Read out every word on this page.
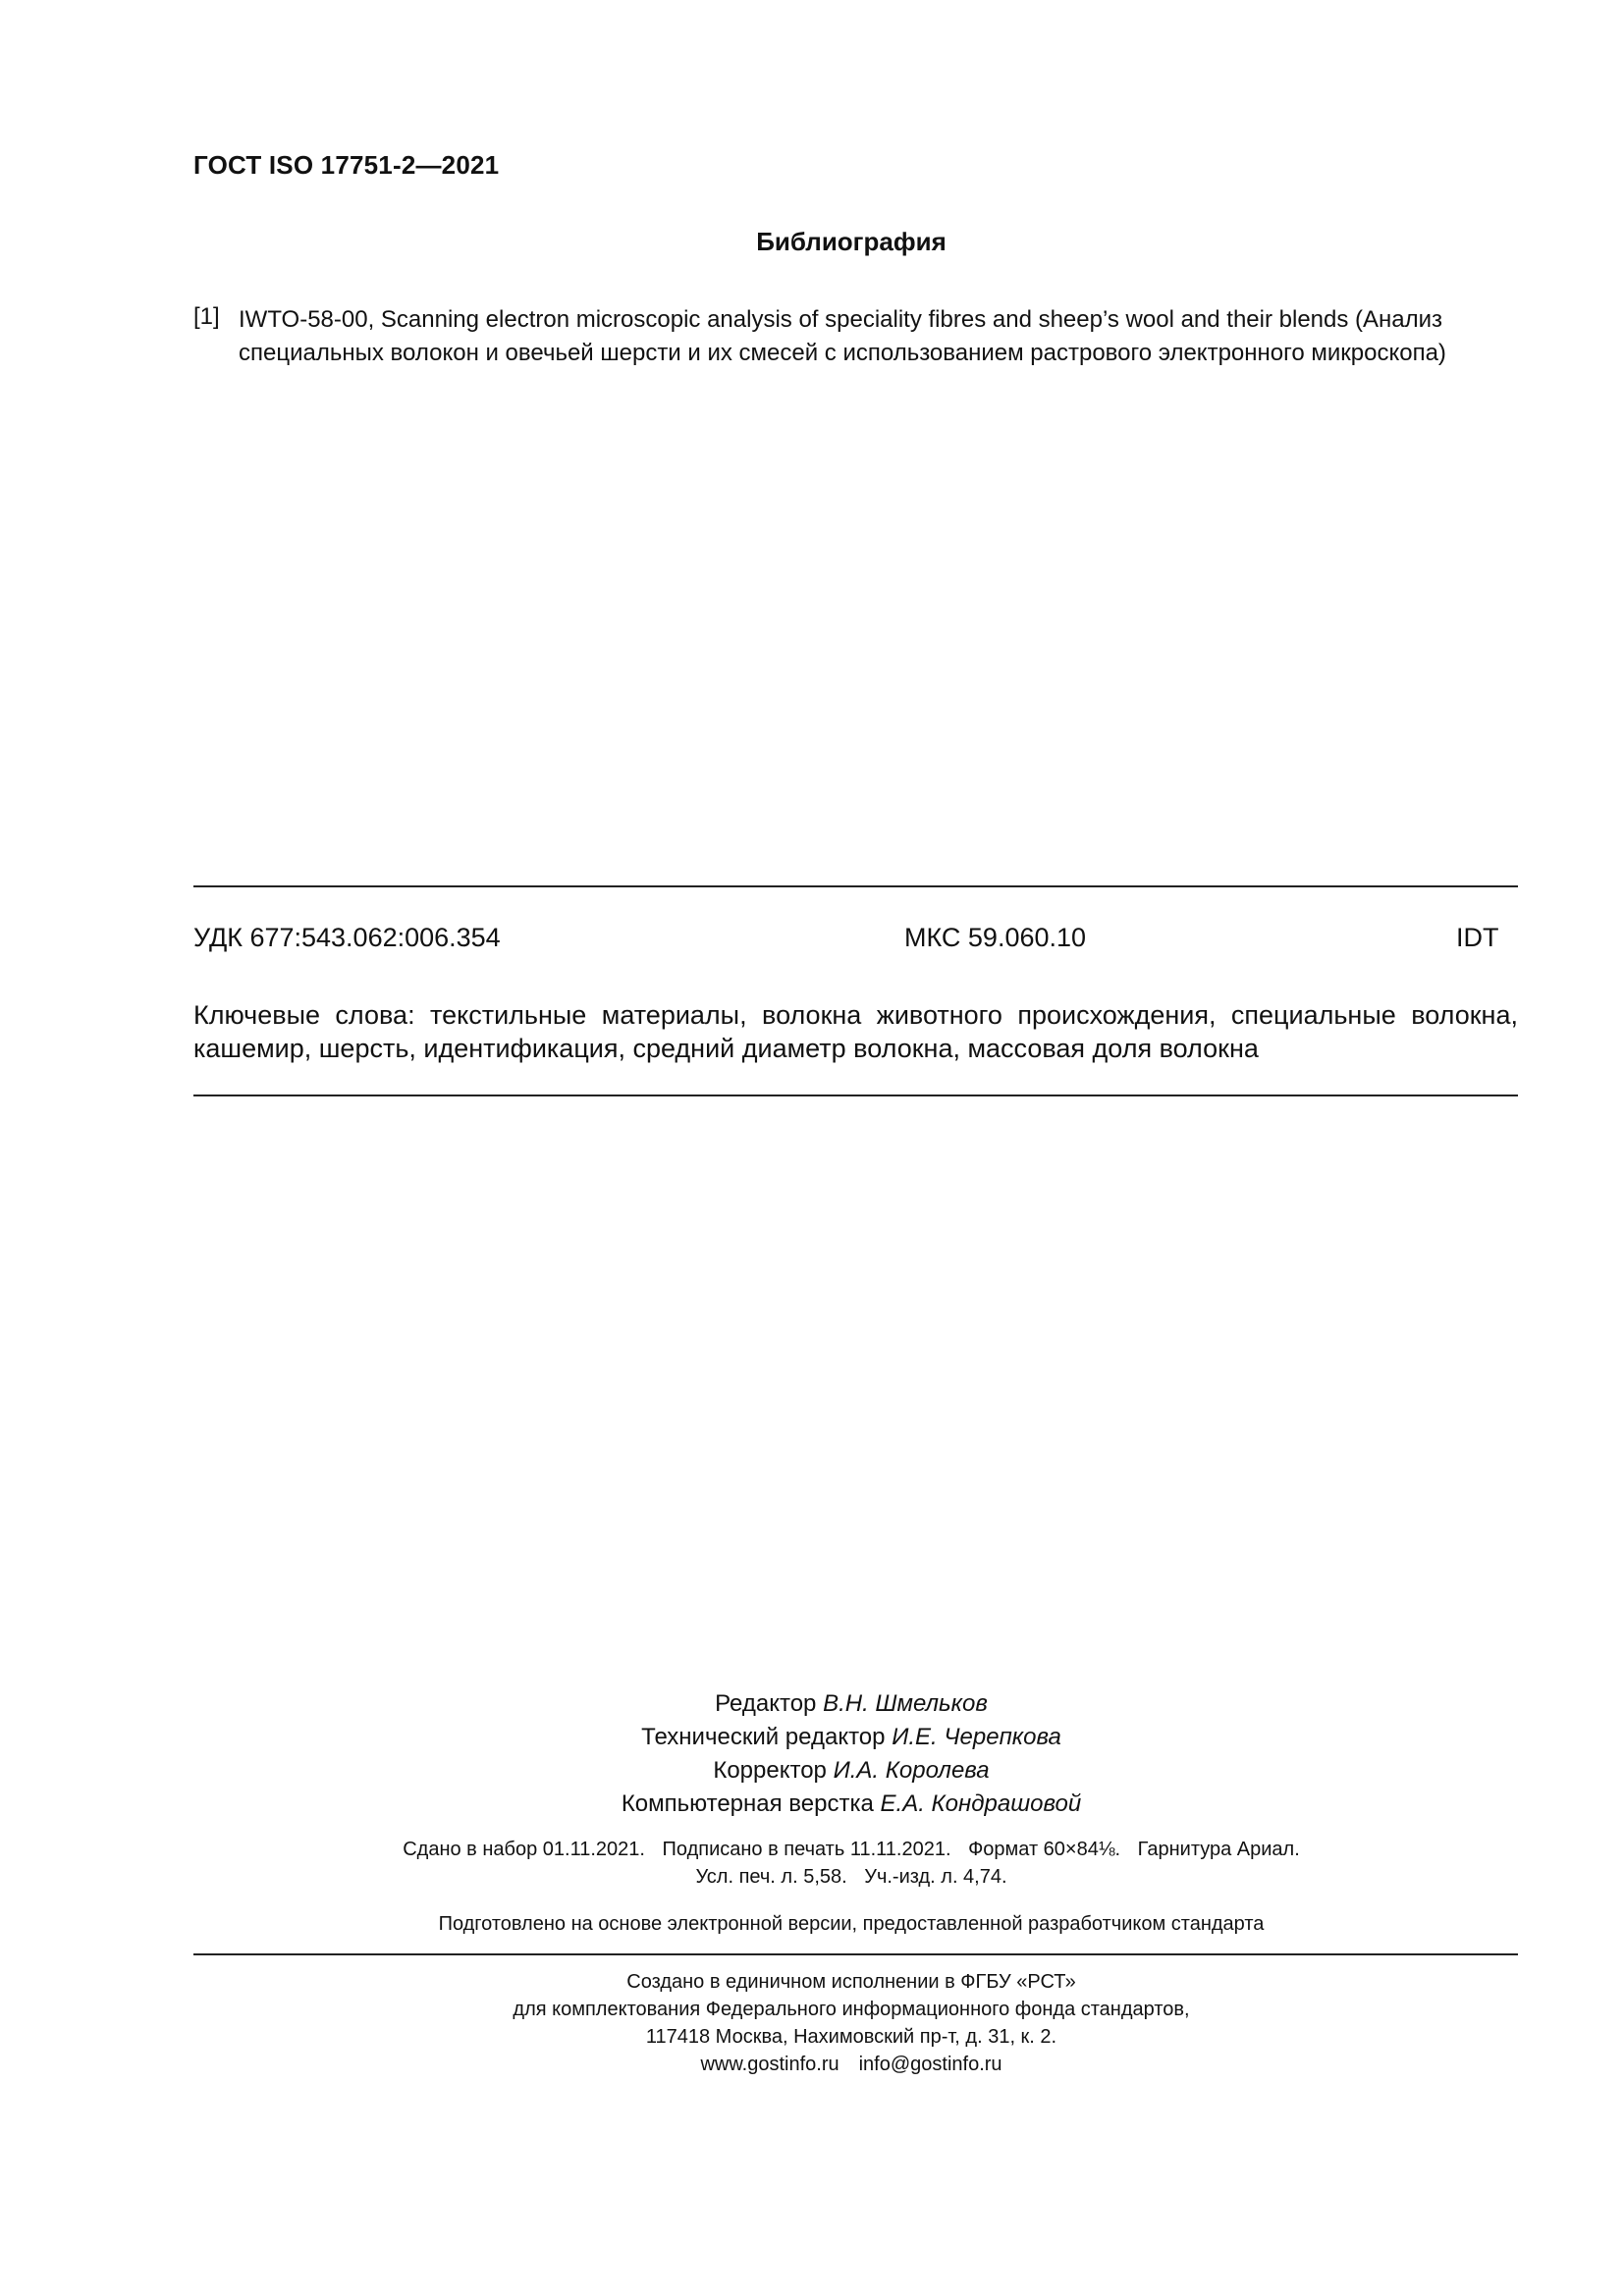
ГОСТ ISO 17751-2—2021
Библиография
[1] IWTO-58-00, Scanning electron microscopic analysis of speciality fibres and sheep’s wool and their blends (Анализ
специальных волокон и овечьей шерсти и их смесей с использованием растрового электронного микроскопа)
УДК 677:543.062:006.354	МКС 59.060.10	IDT
Ключевые слова: текстильные материалы, волокна животного происхождения, специальные волокна, кашемир, шерсть, идентификация, средний диаметр волокна, массовая доля волокна
Редактор В.Н. Шмельков
Технический редактор И.Е. Черепкова
Корректор И.А. Королева
Компьютерная верстка Е.А. Кондрашовой
Сдано в набор 01.11.2021. Подписано в печать 11.11.2021. Формат 60×84⅛. Гарнитура Ариал.
Усл. печ. л. 5,58. Уч.-изд. л. 4,74.
Подготовлено на основе электронной версии, предоставленной разработчиком стандарта
Создано в единичном исполнении в ФГБУ «РСТ»
для комплектования Федерального информационного фонда стандартов,
117418 Москва, Нахимовский пр-т, д. 31, к. 2.
www.gostinfo.ru info@gostinfo.ru
